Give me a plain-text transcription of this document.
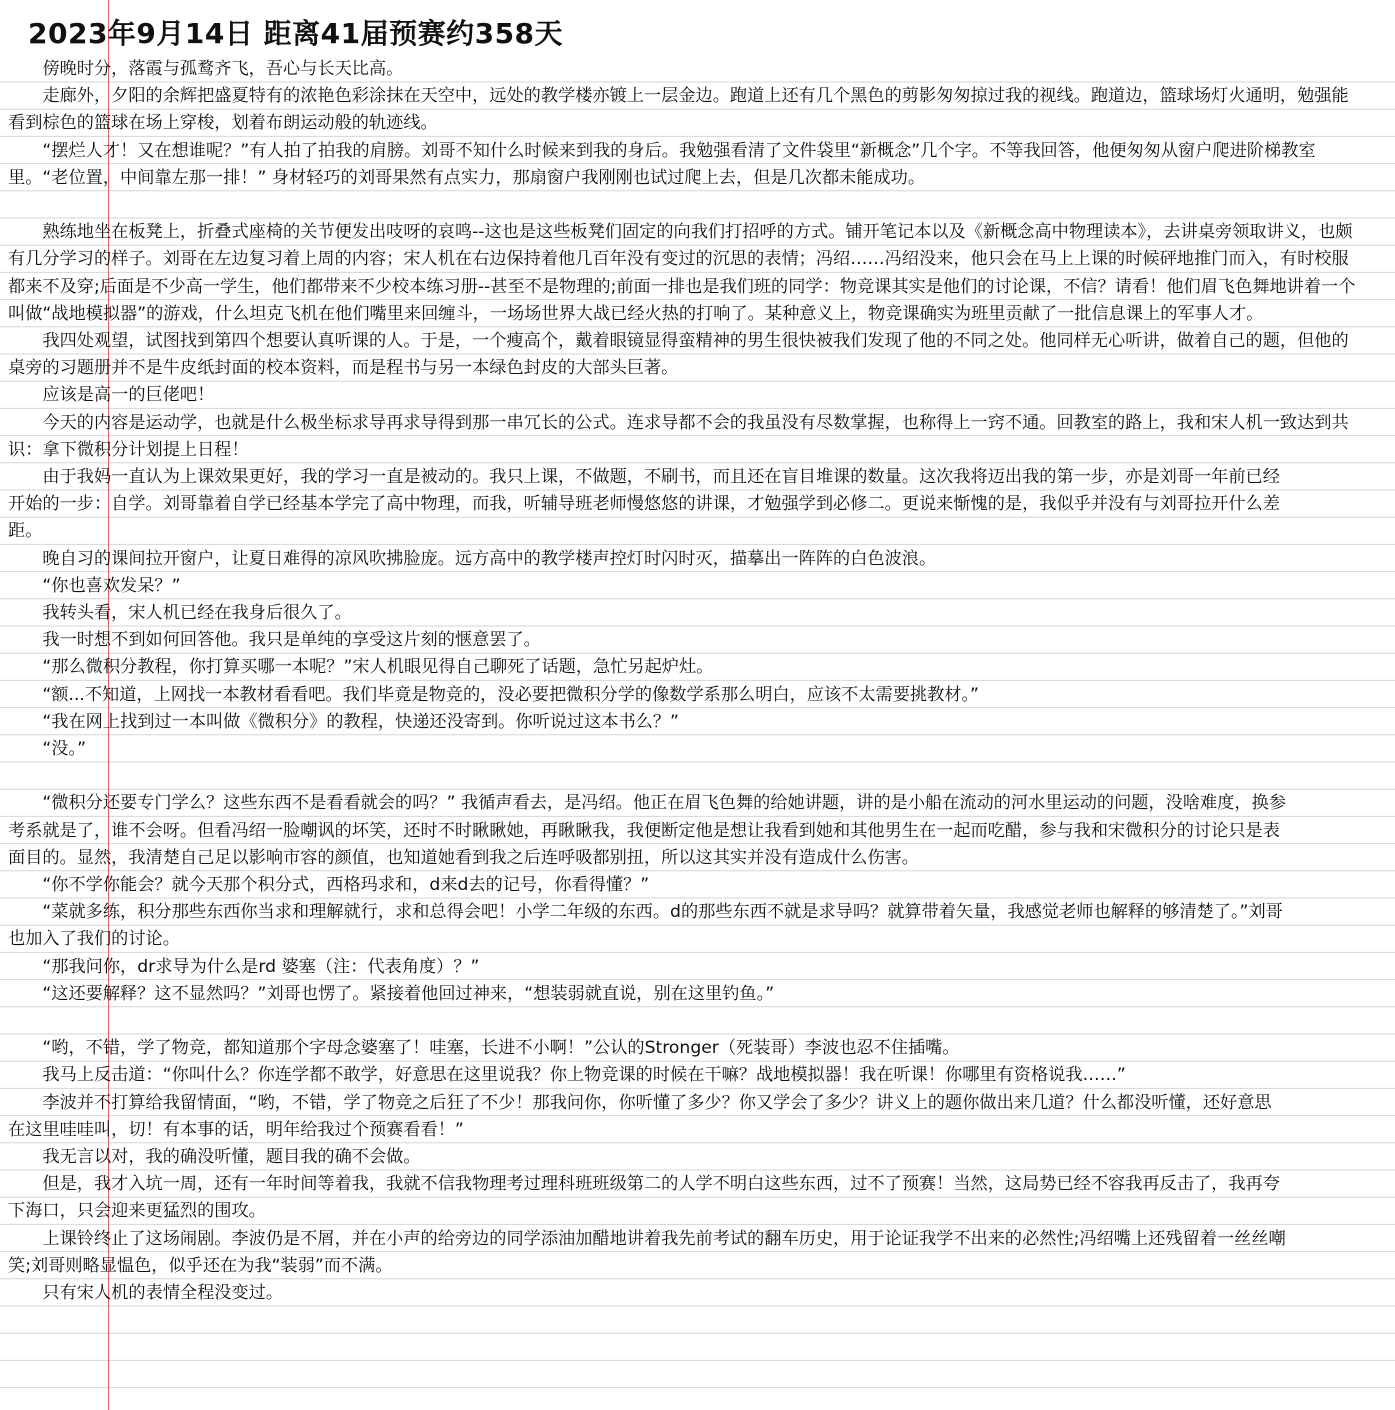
2023年9月14日 距离41届预赛约358天

傍晚时分，落霞与孤鹜齐飞，吾心与长天比高。

走廊外，夕阳的余辉把盛夏特有的浓艳色彩涂抹在天空中，远处的教学楼亦镀上一层金边。跑道上还有几个黑色的剪影匆匆掠过我的视线。跑道边，篮球场灯火通明，勉强能看到棕色的篮球在场上穿梭，划着布朗运动般的轨迹线。

“摆烂人才！又在想谁呢？”有人拍了拍我的肩膀。刘哥不知什么时候来到我的身后。我勉强看清了文件袋里“新概念”几个字。不等我回答，他便匆匆从窗户爬进阶梯教室里。“老位置，中间靠左那一排！” 身材轻巧的刘哥果然有点实力，那扇窗户我刚刚也试过爬上去，但是几次都未能成功。

熟练地坐在板凳上，折叠式座椅的关节便发出吱呀的哀鸣--这也是这些板凳们固定的向我们打招呼的方式。铺开笔记本以及《新概念高中物理读本》，去讲桌旁领取讲义，也颇有几分学习的样子。刘哥在左边复习着上周的内容；宋人机在右边保持着他几百年没有变过的沉思的表情；冯绍……冯绍没来，他只会在马上上课的时候砰地推门而入，有时校服都来不及穿;后面是不少高一学生，他们都带来不少校本练习册--甚至不是物理的;前面一排也是我们班的同学：物竞课其实是他们的讨论课，不信？请看！他们眉飞色舞地讲着一个叫做“战地模拟器”的游戏，什么坦克飞机在他们嘴里来回缠斗，一场场世界大战已经火热的打响了。某种意义上，物竞课确实为班里贡献了一批信息课上的军事人才。

我四处观望，试图找到第四个想要认真听课的人。于是，一个瘦高个，戴着眼镜显得蛮精神的男生很快被我们发现了他的不同之处。他同样无心听讲，做着自己的题，但他的桌旁的习题册并不是牛皮纸封面的校本资料，而是程书与另一本绿色封皮的大部头巨著。

应该是高一的巨佬吧！

今天的内容是运动学，也就是什么极坐标求导再求导得到那一串冗长的公式。连求导都不会的我虽没有尽数掌握，也称得上一窍不通。回教室的路上，我和宋人机一致达到共识：拿下微积分计划提上日程！

由于我妈一直认为上课效果更好，我的学习一直是被动的。我只上课，不做题，不刷书，而且还在盲目堆课的数量。这次我将迈出我的第一步，亦是刘哥一年前已经开始的一步：自学。刘哥靠着自学已经基本学完了高中物理，而我，听辅导班老师慢悠悠的讲课，才勉强学到必修二。更说来惭愧的是，我似乎并没有与刘哥拉开什么差距。

晚自习的课间拉开窗户，让夏日难得的凉风吹拂脸庞。远方高中的教学楼声控灯时闪时灭，描摹出一阵阵的白色波浪。

“你也喜欢发呆？”

我转头看，宋人机已经在我身后很久了。

我一时想不到如何回答他。我只是单纯的享受这片刻的惬意罢了。

“那么微积分教程，你打算买哪一本呢？”宋人机眼见得自己聊死了话题，急忙另起炉灶。

“额...不知道，上网找一本教材看看吧。我们毕竟是物竞的，没必要把微积分学的像数学系那么明白，应该不太需要挑教材。”

“我在网上找到过一本叫做《微积分》的教程，快递还没寄到。你听说过这本书么？”

“没。”

“微积分还要专门学么？这些东西不是看看就会的吗？” 我循声看去，是冯绍。他正在眉飞色舞的给她讲题，讲的是小船在流动的河水里运动的问题，没啥难度，换参考系就是了，谁不会呀。但看冯绍一脸嘲讽的坏笑，还时不时瞅瞅她，再瞅瞅我，我便断定他是想让我看到她和其他男生在一起而吃醋，参与我和宋微积分的讨论只是表面目的。显然，我清楚自己足以影响市容的颜值，也知道她看到我之后连呼吸都别扭，所以这其实并没有造成什么伤害。

“你不学你能会？就今天那个积分式，西格玛求和，d来d去的记号，你看得懂？”

“菜就多练，积分那些东西你当求和理解就行，求和总得会吧！小学二年级的东西。d的那些东西不就是求导吗？就算带着矢量，我感觉老师也解释的够清楚了。”刘哥也加入了我们的讨论。

“那我问你，dr求导为什么是rd 婆塞（注：代表角度）？”

“这还要解释？这不显然吗？”刘哥也愣了。紧接着他回过神来，“想装弱就直说，别在这里钓鱼。”

“哟，不错，学了物竞，都知道那个字母念婆塞了！哇塞，长进不小啊！”公认的Stronger（死装哥）李波也忍不住插嘴。

我马上反击道：“你叫什么？你连学都不敢学，好意思在这里说我？你上物竞课的时候在干嘛？战地模拟器！我在听课！你哪里有资格说我……”

李波并不打算给我留情面，“哟，不错，学了物竞之后狂了不少！那我问你，你听懂了多少？你又学会了多少？讲义上的题你做出来几道？什么都没听懂，还好意思在这里哇哇叫，切！有本事的话，明年给我过个预赛看看！”

我无言以对，我的确没听懂，题目我的确不会做。

但是，我才入坑一周，还有一年时间等着我，我就不信我物理考过理科班班级第二的人学不明白这些东西，过不了预赛！当然，这局势已经不容我再反击了，我再夸下海口，只会迎来更猛烈的围攻。

上课铃终止了这场闹剧。李波仍是不屑，并在小声的给旁边的同学添油加醋地讲着我先前考试的翻车历史，用于论证我学不出来的必然性;冯绍嘴上还残留着一丝丝嘲笑;刘哥则略显愠色，似乎还在为我“装弱”而不满。

只有宋人机的表情全程没变过。
